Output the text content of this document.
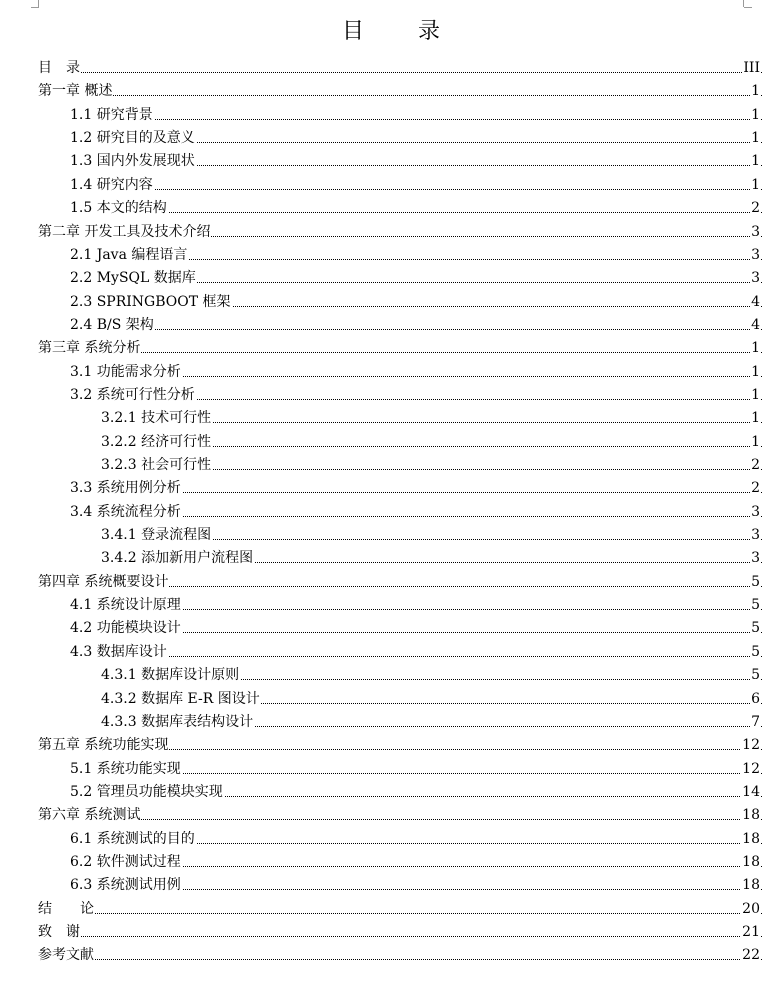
目　录
目　录	III
第一章 概述	1
1.1 研究背景	1
1.2 研究目的及意义	1
1.3 国内外发展现状	1
1.4 研究内容	1
1.5 本文的结构	2
第二章 开发工具及技术介绍	3
2.1 Java 编程语言	3
2.2 MySQL 数据库	3
2.3 SPRINGBOOT 框架	4
2.4 B/S 架构	4
第三章 系统分析	1
3.1 功能需求分析	1
3.2 系统可行性分析	1
3.2.1 技术可行性	1
3.2.2 经济可行性	1
3.2.3 社会可行性	2
3.3 系统用例分析	2
3.4 系统流程分析	3
3.4.1 登录流程图	3
3.4.2 添加新用户流程图	3
第四章 系统概要设计	5
4.1 系统设计原理	5
4.2 功能模块设计	5
4.3 数据库设计	5
4.3.1 数据库设计原则	5
4.3.2 数据库 E-R 图设计	6
4.3.3 数据库表结构设计	7
第五章 系统功能实现	12
5.1 系统功能实现	12
5.2 管理员功能模块实现	14
第六章 系统测试	18
6.1 系统测试的目的	18
6.2 软件测试过程	18
6.3 系统测试用例	18
结　　论	20
致　谢	21
参考文献	22
